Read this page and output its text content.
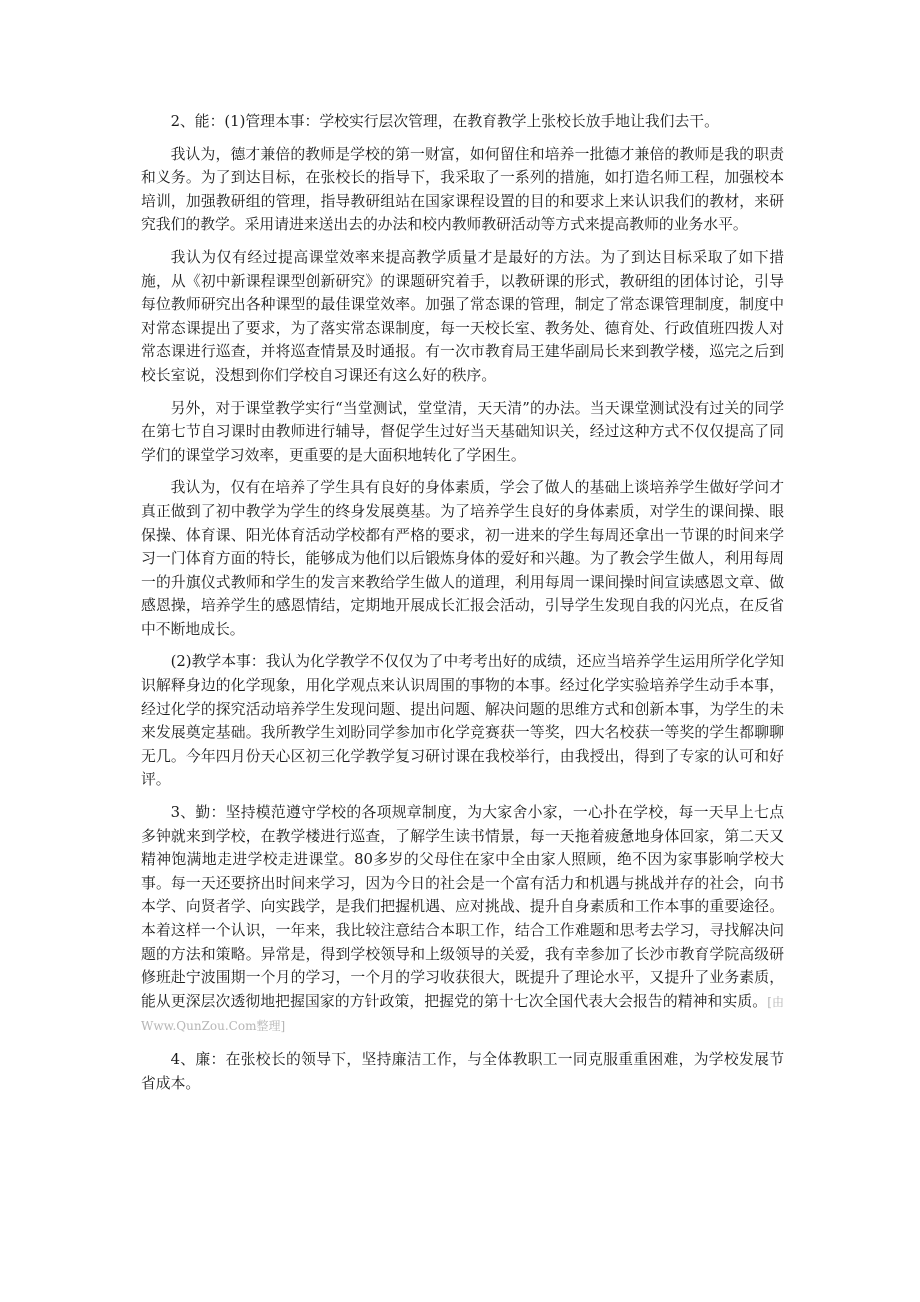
2、能：(1)管理本事：学校实行层次管理，在教育教学上张校长放手地让我们去干。

我认为，德才兼倍的教师是学校的第一财富，如何留住和培养一批德才兼倍的教师是我的职责和义务。为了到达目标，在张校长的指导下，我采取了一系列的措施，如打造名师工程，加强校本培训，加强教研组的管理，指导教研组站在国家课程设置的目的和要求上来认识我们的教材，来研究我们的教学。采用请进来送出去的办法和校内教师教研活动等方式来提高教师的业务水平。

我认为仅有经过提高课堂效率来提高教学质量才是最好的方法。为了到达目标采取了如下措施，从《初中新课程课型创新研究》的课题研究着手，以教研课的形式，教研组的团体讨论，引导每位教师研究出各种课型的最佳课堂效率。加强了常态课的管理，制定了常态课管理制度，制度中对常态课提出了要求，为了落实常态课制度，每一天校长室、教务处、德育处、行政值班四拨人对常态课进行巡查，并将巡查情景及时通报。有一次市教育局王建华副局长来到教学楼，巡完之后到校长室说，没想到你们学校自习课还有这么好的秩序。

另外，对于课堂教学实行“当堂测试，堂堂清，天天清”的办法。当天课堂测试没有过关的同学在第七节自习课时由教师进行辅导，督促学生过好当天基础知识关，经过这种方式不仅仅提高了同学们的课堂学习效率，更重要的是大面积地转化了学困生。

我认为，仅有在培养了学生具有良好的身体素质，学会了做人的基础上谈培养学生做好学问才真正做到了初中教学为学生的终身发展奠基。为了培养学生良好的身体素质，对学生的课间操、眼保操、体育课、阳光体育活动学校都有严格的要求，初一进来的学生每周还拿出一节课的时间来学习一门体育方面的特长，能够成为他们以后锻炼身体的爱好和兴趣。为了教会学生做人，利用每周一的升旗仪式教师和学生的发言来教给学生做人的道理，利用每周一课间操时间宣读感恩文章、做感恩操，培养学生的感恩情结，定期地开展成长汇报会活动，引导学生发现自我的闪光点，在反省中不断地成长。

(2)教学本事：我认为化学教学不仅仅为了中考考出好的成绩，还应当培养学生运用所学化学知识解释身边的化学现象，用化学观点来认识周围的事物的本事。经过化学实验培养学生动手本事，经过化学的探究活动培养学生发现问题、提出问题、解决问题的思维方式和创新本事，为学生的未来发展奠定基础。我所教学生刘盼同学参加市化学竞赛获一等奖，四大名校获一等奖的学生都聊聊无几。今年四月份天心区初三化学教学复习研讨课在我校举行，由我授出，得到了专家的认可和好评。

3、勤：坚持模范遵守学校的各项规章制度，为大家舍小家，一心扑在学校，每一天早上七点多钟就来到学校，在教学楼进行巡查，了解学生读书情景，每一天拖着疲惫地身体回家，第二天又精神饱满地走进学校走进课堂。80多岁的父母住在家中全由家人照顾，绝不因为家事影响学校大事。每一天还要挤出时间来学习，因为今日的社会是一个富有活力和机遇与挑战并存的社会，向书本学、向贤者学、向实践学，是我们把握机遇、应对挑战、提升自身素质和工作本事的重要途径。本着这样一个认识，一年来，我比较注意结合本职工作，结合工作难题和思考去学习，寻找解决问题的方法和策略。异常是，得到学校领导和上级领导的关爱，我有幸参加了长沙市教育学院高级研修班赴宁波围期一个月的学习，一个月的学习收获很大，既提升了理论水平，又提升了业务素质，能从更深层次透彻地把握国家的方针政策，把握党的第十七次全国代表大会报告的精神和实质。[由Www.QunZou.Com整理]

4、廉：在张校长的领导下，坚持廉洁工作，与全体教职工一同克服重重困难，为学校发展节省成本。
